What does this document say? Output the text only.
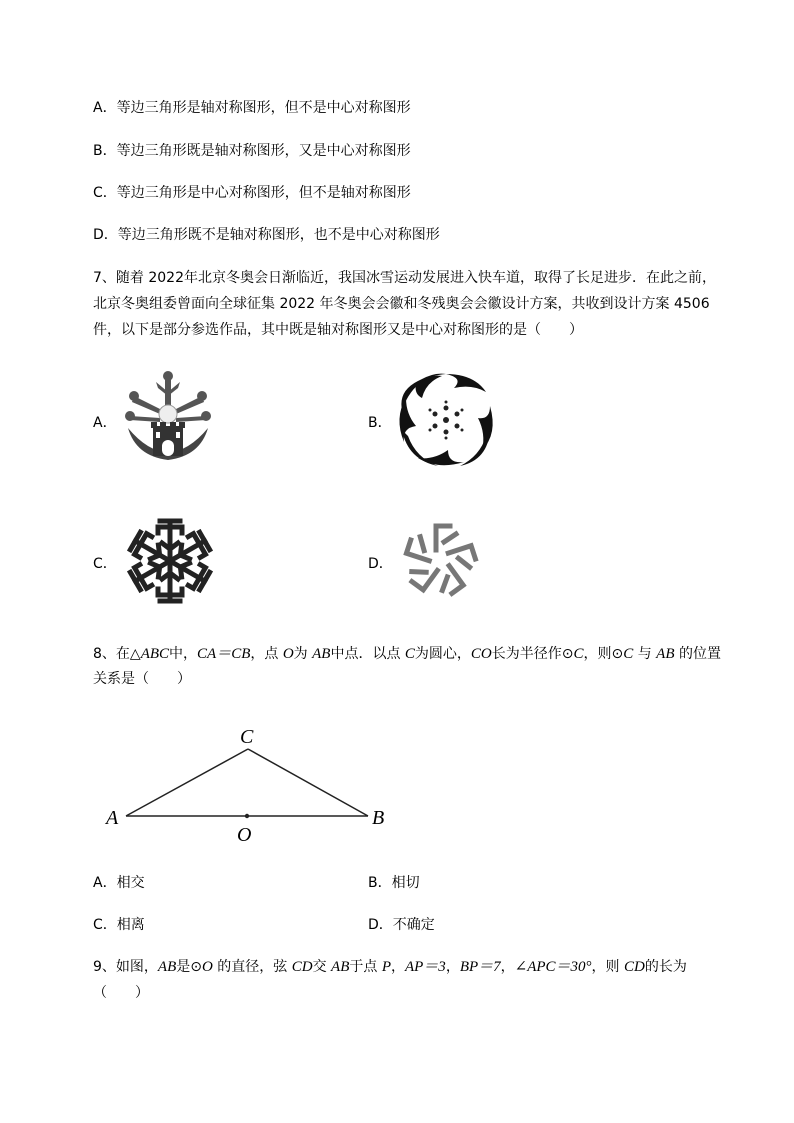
A．等边三角形是轴对称图形，但不是中心对称图形
B．等边三角形既是轴对称图形，又是中心对称图形
C．等边三角形是中心对称图形，但不是轴对称图形
D．等边三角形既不是轴对称图形，也不是中心对称图形
7、随着 2022年北京冬奥会日渐临近，我国冰雪运动发展进入快车道，取得了长足进步．在此之前，
北京冬奥组委曾面向全球征集 2022 年冬奥会会徽和冬残奥会会徽设计方案，共收到设计方案 4506
件，以下是部分参选作品，其中既是轴对称图形又是中心对称图形的是（　　）
A．	B．
C．	D．
8、在△ABC中，CA＝CB，点 O为 AB中点．以点 C为圆心，CO长为半径作⊙C，则⊙C 与 AB 的位置
关系是（　　）
C
A	B
O
A．相交	B．相切
C．相离	D．不确定
9、如图，AB是⊙O 的直径，弦 CD交 AB于点 P，AP＝3，BP＝7，∠APC＝30°，则 CD的长为
（　　）
